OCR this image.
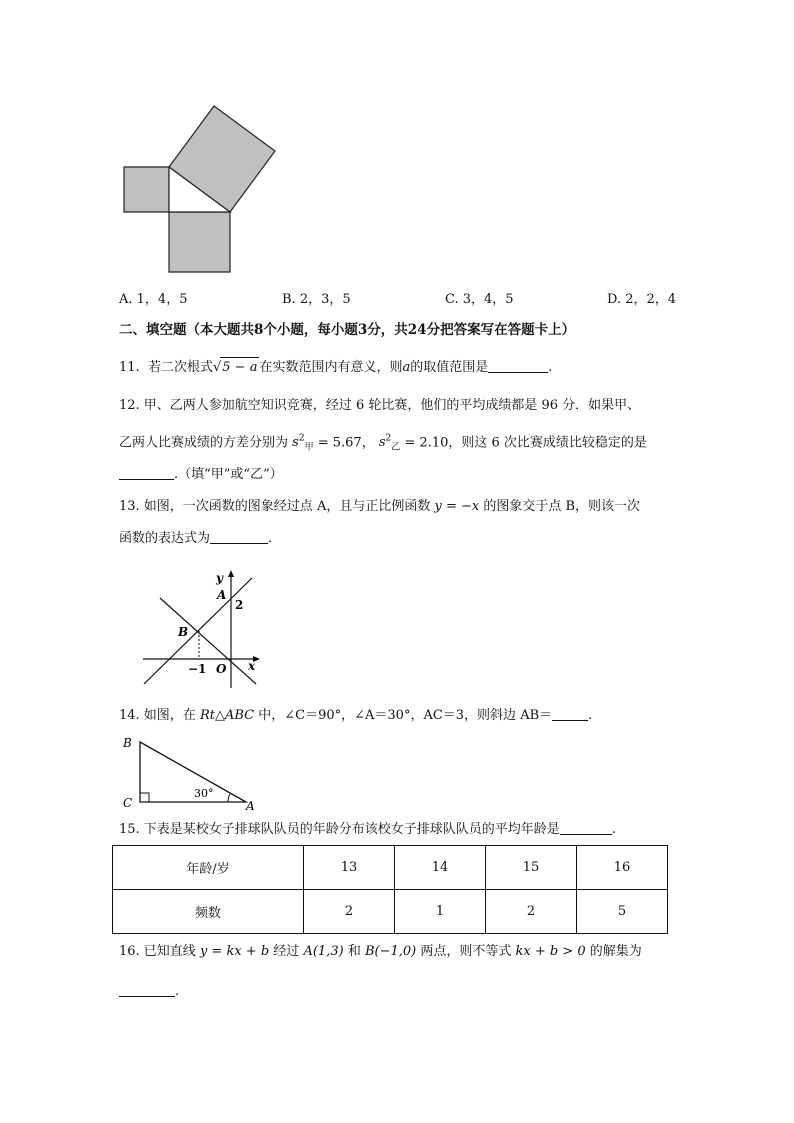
A. 1，4，5	B. 2，3，5	C. 3，4，5	D. 2，2，4
二、填空题（本大题共8个小题，每小题3分，共24分把答案写在答题卡上）
11. 若二次根式√5 − a 在实数范围内有意义，则a的取值范围是	.
12. 甲、乙两人参加航空知识竞赛，经过 6 轮比赛，他们的平均成绩都是 96 分．如果甲、
乙两人比赛成绩的方差分别为 $s^2_甲 = 5.67$， $s^2_乙 = 2.10$，则这 6 次比赛成绩比较稳定的是
.（填“甲”或“乙”）
13. 如图，一次函数的图象经过点 A，且与正比例函数 y = −x 的图象交于点 B，则该一次
函数的表达式为	.
y
A
2
B
−1 O x
14. 如图，在 Rt△ABC 中，∠C＝90°，∠A＝30°，AC＝3，则斜边 AB＝	.
B
C	A
30°
15. 下表是某校女子排球队队员的年龄分布该校女子排球队队员的平均年龄是	.
年龄/岁	13	14	15	16
频数	2	1	2	5
16. 已知直线 y = kx + b 经过 A(1,3) 和 B(−1,0) 两点，则不等式 kx + b > 0 的解集为
.
